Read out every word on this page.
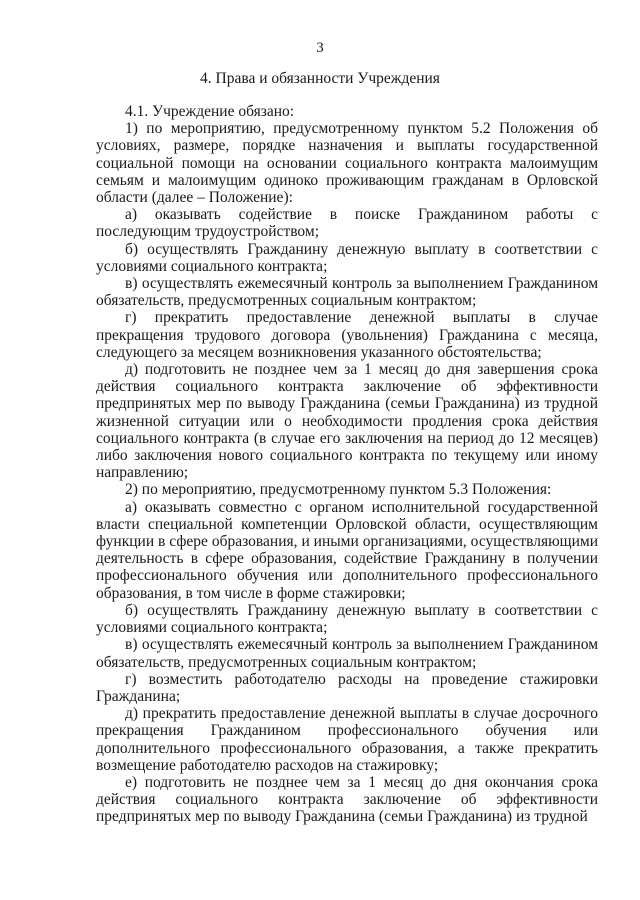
3
4. Права и обязанности Учреждения

4.1. Учреждение обязано:

1) по мероприятию, предусмотренному пунктом 5.2 Положения об условиях, размере, порядке назначения и выплаты государственной социальной помощи на основании социального контракта малоимущим семьям и малоимущим одиноко проживающим гражданам в Орловской области (далее – Положение):

а) оказывать содействие в поиске Гражданином работы с последующим трудоустройством;

б) осуществлять Гражданину денежную выплату в соответствии с условиями социального контракта;

в) осуществлять ежемесячный контроль за выполнением Гражданином обязательств, предусмотренных социальным контрактом;

г) прекратить предоставление денежной выплаты в случае прекращения трудового договора (увольнения) Гражданина с месяца, следующего за месяцем возникновения указанного обстоятельства;

д) подготовить не позднее чем за 1 месяц до дня завершения срока действия социального контракта заключение об эффективности предпринятых мер по выводу Гражданина (семьи Гражданина) из трудной жизненной ситуации или о необходимости продления срока действия социального контракта (в случае его заключения на период до 12 месяцев) либо заключения нового социального контракта по текущему или иному направлению;

2) по мероприятию, предусмотренному пунктом 5.3 Положения:

а) оказывать совместно с органом исполнительной государственной власти специальной компетенции Орловской области, осуществляющим функции в сфере образования, и иными организациями, осуществляющими деятельность в сфере образования, содействие Гражданину в получении профессионального обучения или дополнительного профессионального образования, в том числе в форме стажировки;

б) осуществлять Гражданину денежную выплату в соответствии с условиями социального контракта;

в) осуществлять ежемесячный контроль за выполнением Гражданином обязательств, предусмотренных социальным контрактом;

г) возместить работодателю расходы на проведение стажировки Гражданина;

д) прекратить предоставление денежной выплаты в случае досрочного прекращения Гражданином профессионального обучения или дополнительного профессионального образования, а также прекратить возмещение работодателю расходов на стажировку;

е) подготовить не позднее чем за 1 месяц до дня окончания срока действия социального контракта заключение об эффективности предпринятых мер по выводу Гражданина (семьи Гражданина) из трудной
